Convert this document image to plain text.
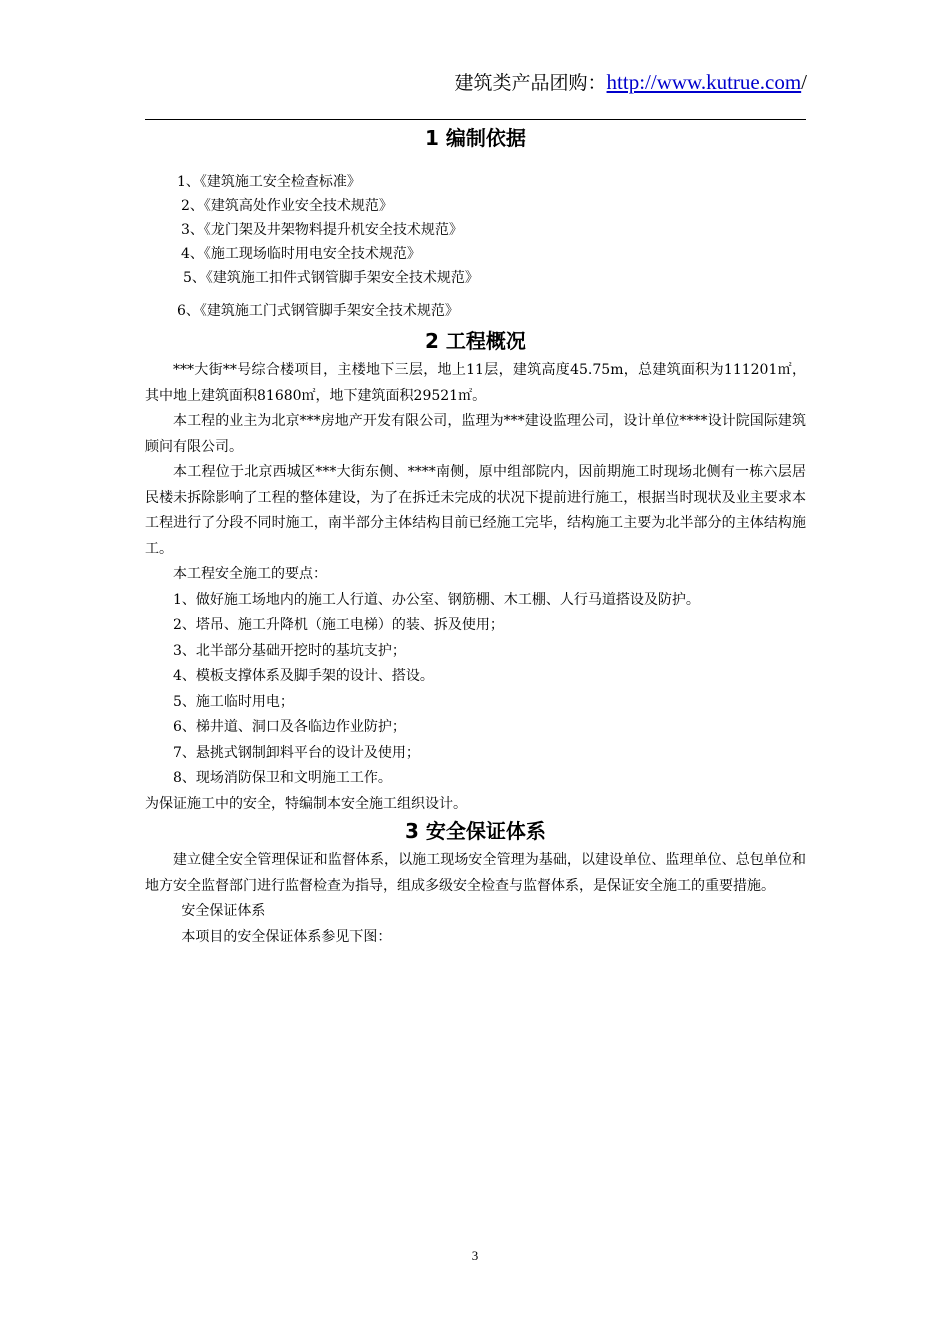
建筑类产品团购：http://www.kutrue.com/
1 编制依据
1、《建筑施工安全检查标准》
2、《建筑高处作业安全技术规范》
3、《龙门架及井架物料提升机安全技术规范》
4、《施工现场临时用电安全技术规范》
5、《建筑施工扣件式钢管脚手架安全技术规范》
6、《建筑施工门式钢管脚手架安全技术规范》
2 工程概况

***大街**号综合楼项目，主楼地下三层，地上11层，建筑高度45.75m，总建筑面积为111201㎡，其中地上建筑面积81680㎡，地下建筑面积29521㎡。

本工程的业主为北京***房地产开发有限公司，监理为***建设监理公司，设计单位****设计院国际建筑顾问有限公司。

本工程位于北京西城区***大街东侧、****南侧，原中组部院内，因前期施工时现场北侧有一栋六层居民楼未拆除影响了工程的整体建设，为了在拆迁未完成的状况下提前进行施工，根据当时现状及业主要求本工程进行了分段不同时施工，南半部分主体结构目前已经施工完毕，结构施工主要为北半部分的主体结构施工。

本工程安全施工的要点：

1、做好施工场地内的施工人行道、办公室、钢筋棚、木工棚、人行马道搭设及防护。

2、塔吊、施工升降机（施工电梯）的装、拆及使用；

3、北半部分基础开挖时的基坑支护；

4、模板支撑体系及脚手架的设计、搭设。

5、施工临时用电；

6、梯井道、洞口及各临边作业防护；

7、悬挑式钢制卸料平台的设计及使用；

8、现场消防保卫和文明施工工作。

为保证施工中的安全，特编制本安全施工组织设计。

3 安全保证体系

建立健全安全管理保证和监督体系，以施工现场安全管理为基础，以建设单位、监理单位、总包单位和地方安全监督部门进行监督检查为指导，组成多级安全检查与监督体系，是保证安全施工的重要措施。

安全保证体系

本项目的安全保证体系参见下图：

3
